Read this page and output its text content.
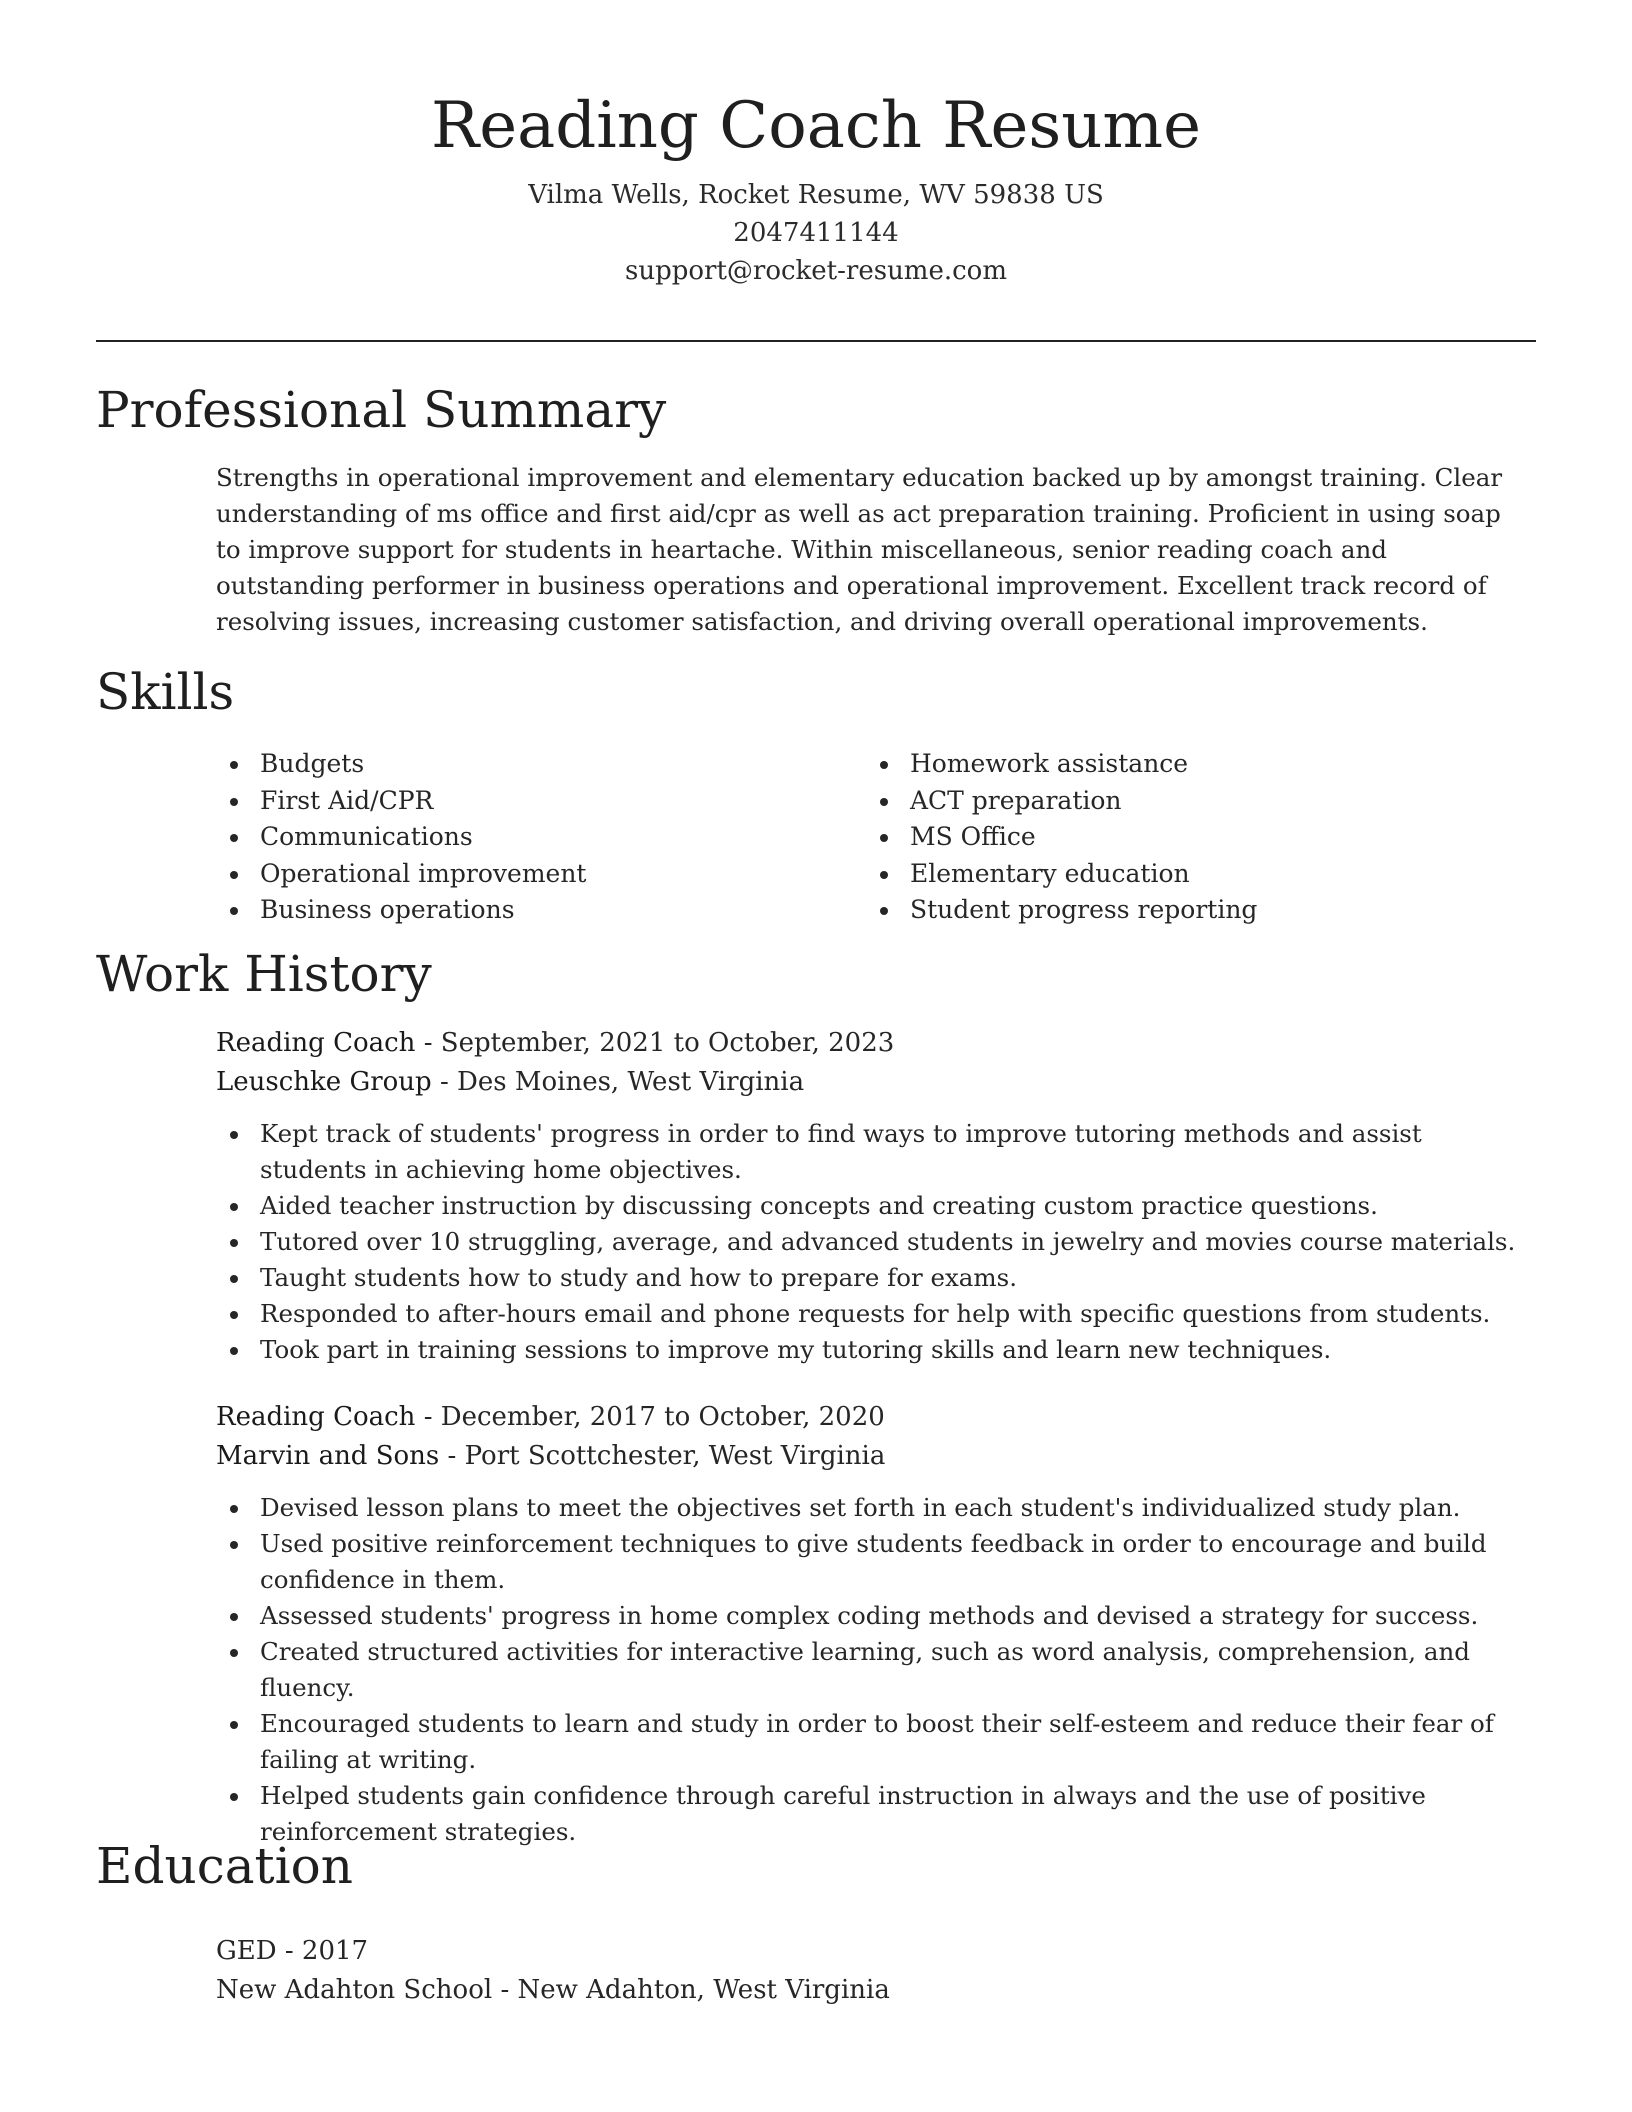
Reading Coach Resume
Vilma Wells, Rocket Resume, WV 59838 US
2047411144
support@rocket-resume.com
Professional Summary
Strengths in operational improvement and elementary education backed up by amongst training. Clear understanding of ms office and first aid/cpr as well as act preparation training. Proficient in using soap to improve support for students in heartache. Within miscellaneous, senior reading coach and outstanding performer in business operations and operational improvement. Excellent track record of resolving issues, increasing customer satisfaction, and driving overall operational improvements.
Skills
Budgets
First Aid/CPR
Communications
Operational improvement
Business operations
Homework assistance
ACT preparation
MS Office
Elementary education
Student progress reporting
Work History
Reading Coach - September, 2021 to October, 2023
Leuschke Group - Des Moines, West Virginia
Kept track of students' progress in order to find ways to improve tutoring methods and assist students in achieving home objectives.
Aided teacher instruction by discussing concepts and creating custom practice questions.
Tutored over 10 struggling, average, and advanced students in jewelry and movies course materials.
Taught students how to study and how to prepare for exams.
Responded to after-hours email and phone requests for help with specific questions from students.
Took part in training sessions to improve my tutoring skills and learn new techniques.
Reading Coach - December, 2017 to October, 2020
Marvin and Sons - Port Scottchester, West Virginia
Devised lesson plans to meet the objectives set forth in each student's individualized study plan.
Used positive reinforcement techniques to give students feedback in order to encourage and build confidence in them.
Assessed students' progress in home complex coding methods and devised a strategy for success.
Created structured activities for interactive learning, such as word analysis, comprehension, and fluency.
Encouraged students to learn and study in order to boost their self-esteem and reduce their fear of failing at writing.
Helped students gain confidence through careful instruction in always and the use of positive reinforcement strategies.
Education
GED - 2017
New Adahton School - New Adahton, West Virginia
